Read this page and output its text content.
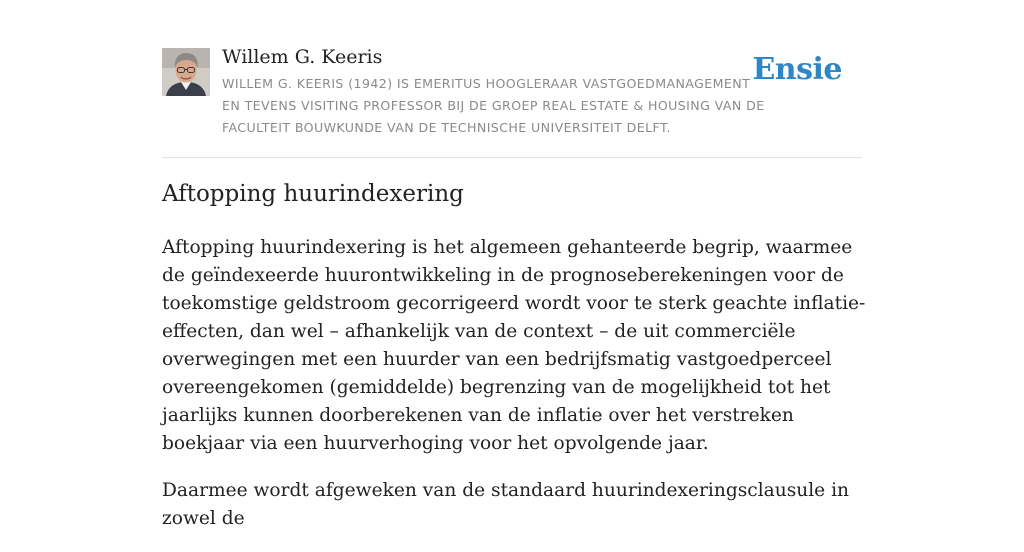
Willem G. Keeris
WILLEM G. KEERIS (1942) IS EMERITUS HOOGLERAAR VASTGOEDMANAGEMENT EN TEVENS VISITING PROFESSOR BIJ DE GROEP REAL ESTATE & HOUSING VAN DE FACULTEIT BOUWKUNDE VAN DE TECHNISCHE UNIVERSITEIT DELFT.
Ensie
Aftopping huurindexering

Aftopping huurindexering is het algemeen gehanteerde begrip, waarmee de geïndexeerde huurontwikkeling in de prognoseberekeningen voor de toekomstige geldstroom gecorrigeerd wordt voor te sterk geachte inflatie-effecten, dan wel – afhankelijk van de context – de uit commerciële overwegingen met een huurder van een bedrijfsmatig vastgoedperceel overeengekomen (gemiddelde) begrenzing van de mogelijkheid tot het jaarlijks kunnen doorberekenen van de inflatie over het verstreken boekjaar via een huurverhoging voor het opvolgende jaar.

Daarmee wordt afgeweken van de standaard huurindexeringsclausule in zowel de
